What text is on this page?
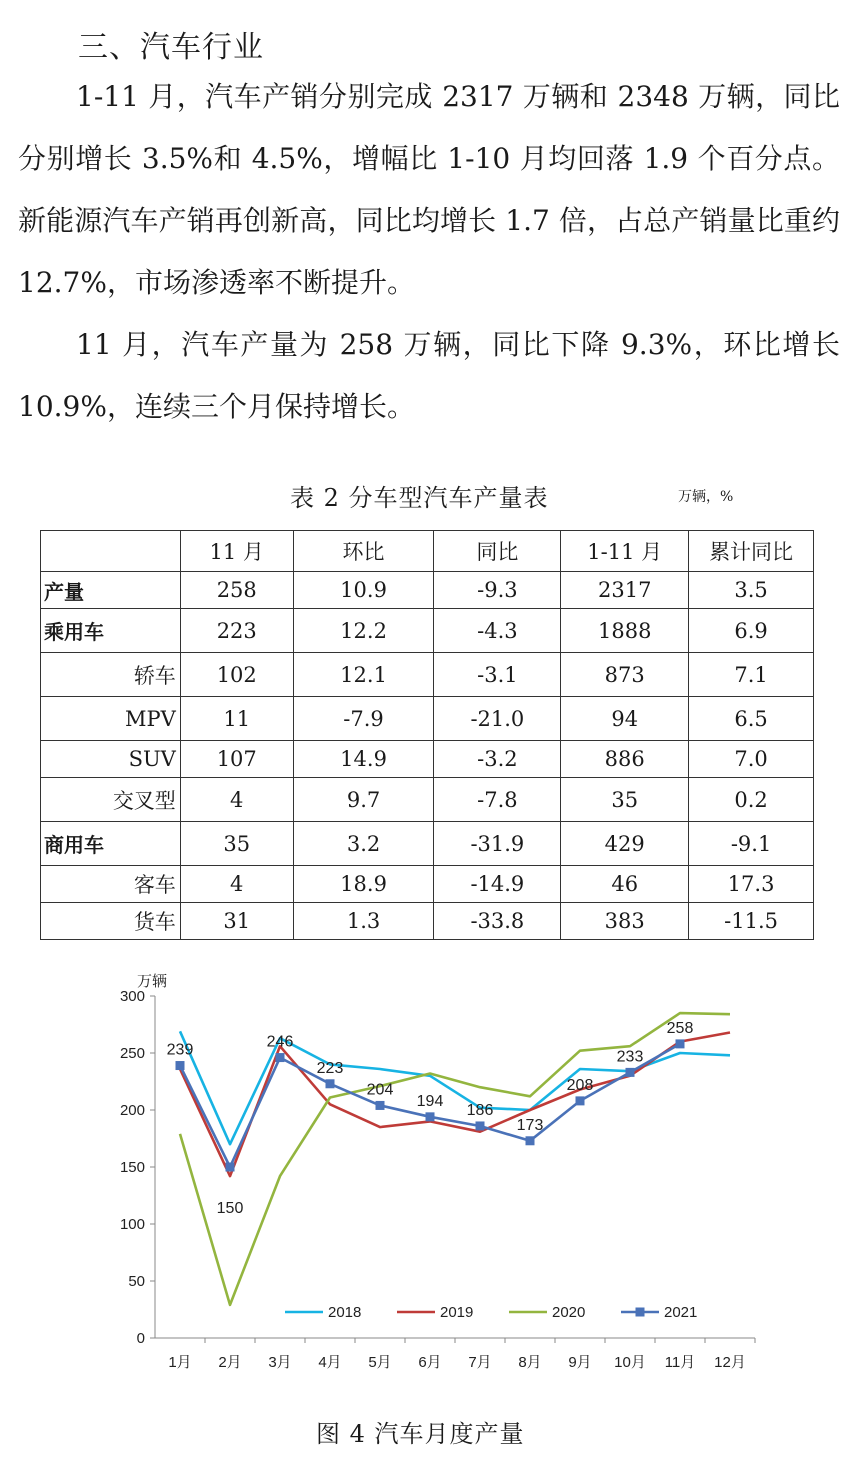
三、汽车行业

1-11 月，汽车产销分别完成 2317 万辆和 2348 万辆，同比分别增长 3.5%和 4.5%，增幅比 1-10 月均回落 1.9 个百分点。新能源汽车产销再创新高，同比均增长 1.7 倍，占总产销量比重约 12.7%，市场渗透率不断提升。

11 月，汽车产量为 258 万辆，同比下降 9.3%，环比增长 10.9%，连续三个月保持增长。

表 2 分车型汽车产量表	万辆，%
	11 月	环比	同比	1-11 月	累计同比
产量	258	10.9	-9.3	2317	3.5
乘用车	223	12.2	-4.3	1888	6.9
轿车	102	12.1	-3.1	873	7.1
MPV	11	-7.9	-21.0	94	6.5
SUV	107	14.9	-3.2	886	7.0
交叉型	4	9.7	-7.8	35	0.2
商用车	35	3.2	-31.9	429	-9.1
客车	4	18.9	-14.9	46	17.3
货车	31	1.3	-33.8	383	-11.5
万辆
0
50
100
150
200
250
300
1月 2月 3月 4月 5月 6月 7月 8月 9月 10月 11月 12月
239
150
246
223
204
194
186
173
208
233
258
2018	2019	2020	2021
图 4 汽车月度产量
